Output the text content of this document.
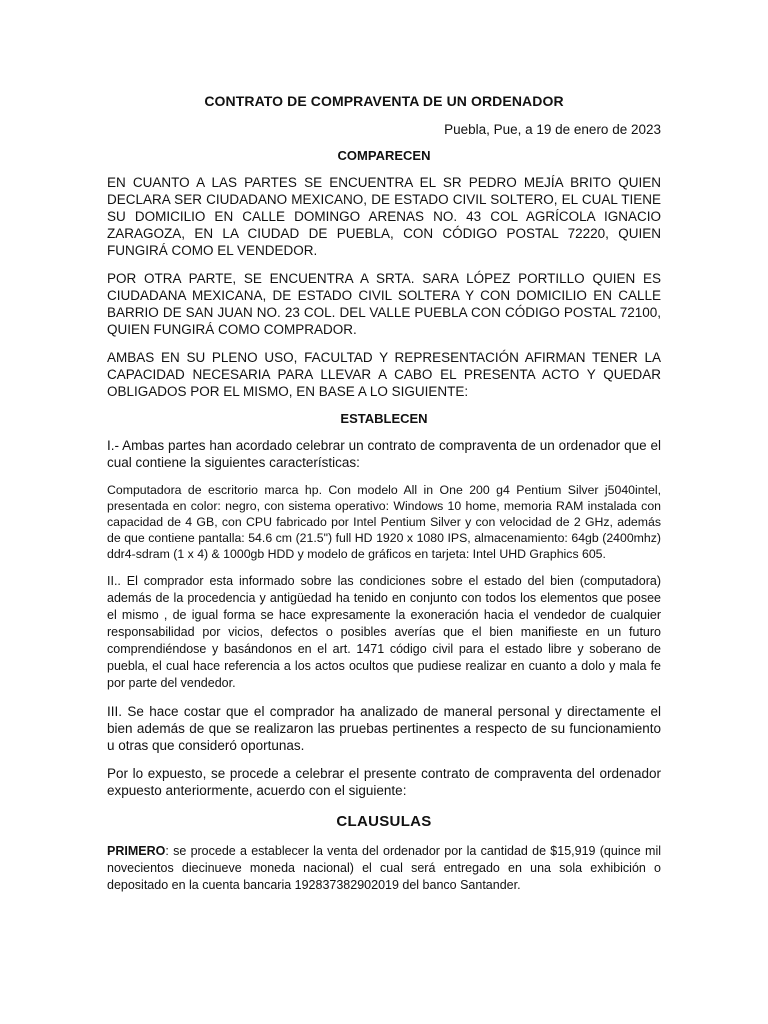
CONTRATO DE COMPRAVENTA DE UN ORDENADOR
Puebla, Pue, a 19 de enero de 2023
COMPARECEN

EN CUANTO A LAS PARTES SE ENCUENTRA EL SR PEDRO MEJÍA BRITO QUIEN DECLARA SER CIUDADANO MEXICANO, DE ESTADO CIVIL SOLTERO, EL CUAL TIENE SU DOMICILIO EN CALLE DOMINGO ARENAS NO. 43 COL AGRÍCOLA IGNACIO ZARAGOZA, EN LA CIUDAD DE PUEBLA, CON CÓDIGO POSTAL 72220, QUIEN FUNGIRÁ COMO EL VENDEDOR.

POR OTRA PARTE, SE ENCUENTRA A SRTA. SARA LÓPEZ PORTILLO QUIEN ES CIUDADANA MEXICANA, DE ESTADO CIVIL SOLTERA Y CON DOMICILIO EN CALLE BARRIO DE SAN JUAN NO. 23 COL. DEL VALLE PUEBLA CON CÓDIGO POSTAL 72100, QUIEN FUNGIRÁ COMO COMPRADOR.

AMBAS EN SU PLENO USO, FACULTAD Y REPRESENTACIÓN AFIRMAN TENER LA CAPACIDAD NECESARIA PARA LLEVAR A CABO EL PRESENTA ACTO Y QUEDAR OBLIGADOS POR EL MISMO, EN BASE A LO SIGUIENTE:

ESTABLECEN

I.- Ambas partes han acordado celebrar un contrato de compraventa de un ordenador que el cual contiene la siguientes características:

Computadora de escritorio marca hp. Con modelo All in One 200 g4 Pentium Silver j5040intel, presentada en color: negro, con sistema operativo: Windows 10 home, memoria RAM instalada con capacidad de 4 GB, con CPU fabricado por Intel Pentium Silver y con velocidad de 2 GHz, además de que contiene pantalla: 54.6 cm (21.5") full HD 1920 x 1080 IPS, almacenamiento: 64gb (2400mhz) ddr4-sdram (1 x 4) & 1000gb HDD y modelo de gráficos en tarjeta: Intel UHD Graphics 605.

II.. El comprador esta informado sobre las condiciones sobre el estado del bien (computadora) además de la procedencia y antigüedad ha tenido en conjunto con todos los elementos que posee el mismo , de igual forma se hace expresamente la exoneración hacia el vendedor de cualquier responsabilidad por vicios, defectos o posibles averías que el bien manifieste en un futuro comprendiéndose y basándonos en el art. 1471 código civil para el estado libre y soberano de puebla, el cual hace referencia a los actos ocultos que pudiese realizar en cuanto a dolo y mala fe por parte del vendedor.

III. Se hace costar que el comprador ha analizado de maneral personal y directamente el bien además de que se realizaron las pruebas pertinentes a respecto de su funcionamiento u otras que consideró oportunas.

Por lo expuesto, se procede a celebrar el presente contrato de compraventa del ordenador expuesto anteriormente, acuerdo con el siguiente:

CLAUSULAS

PRIMERO: se procede a establecer la venta del ordenador por la cantidad de $15,919 (quince mil novecientos diecinueve moneda nacional) el cual será entregado en una sola exhibición o depositado en la cuenta bancaria 192837382902019 del banco Santander.
